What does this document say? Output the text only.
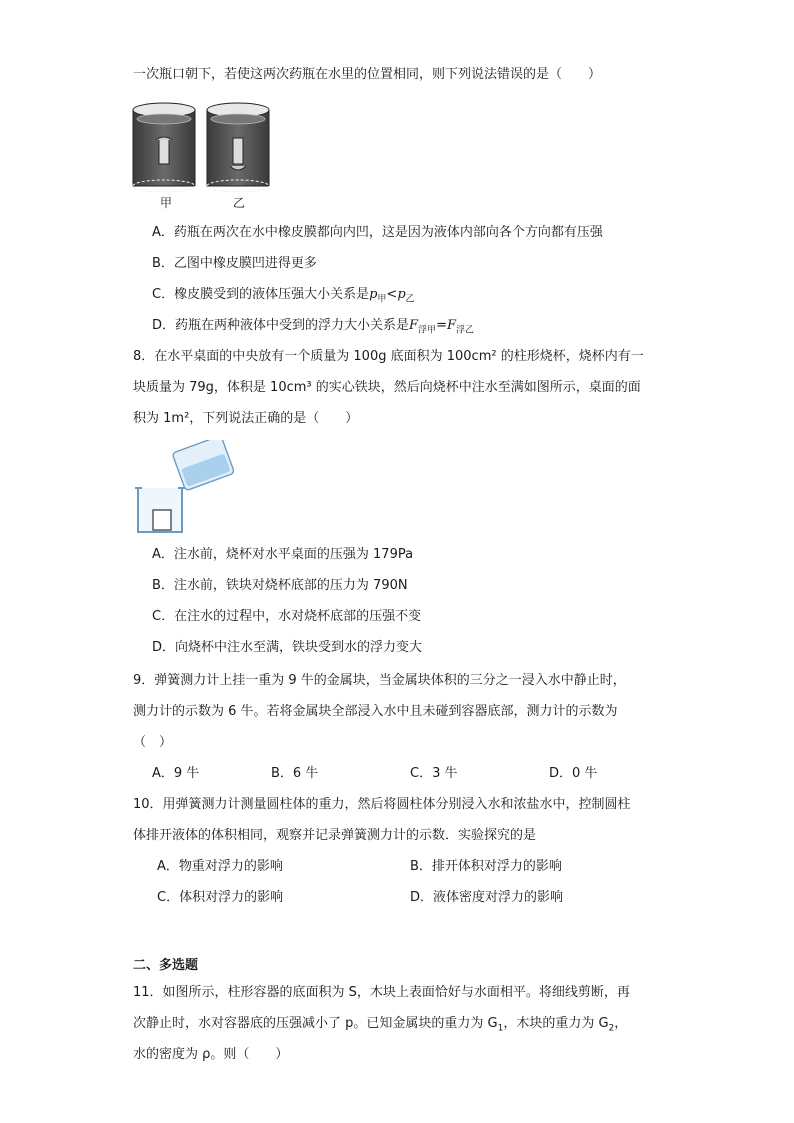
一次瓶口朝下，若使这两次药瓶在水里的位置相同，则下列说法错误的是（　　）
甲	乙
A．药瓶在两次在水中橡皮膜都向内凹，这是因为液体内部向各个方向都有压强
B．乙图中橡皮膜凹进得更多
C．橡皮膜受到的液体压强大小关系是$p_甲<p_乙$
D．药瓶在两种液体中受到的浮力大小关系是$F_{浮甲}=F_{浮乙}$
8．在水平桌面的中央放有一个质量为 100g 底面积为 100cm² 的柱形烧杯，烧杯内有一
块质量为 79g，体积是 10cm³ 的实心铁块，然后向烧杯中注水至满如图所示，桌面的面
积为 1m²，下列说法正确的是（　　）
A．注水前，烧杯对水平桌面的压强为 179Pa
B．注水前，铁块对烧杯底部的压力为 790N
C．在注水的过程中，水对烧杯底部的压强不变
D．向烧杯中注水至满，铁块受到水的浮力变大
9．弹簧测力计上挂一重为 9 牛的金属块，当金属块体积的三分之一浸入水中静止时，
测力计的示数为 6 牛。若将金属块全部浸入水中且未碰到容器底部，测力计的示数为
（　）
A．9 牛	B．6 牛	C．3 牛	D．0 牛
10．用弹簧测力计测量圆柱体的重力，然后将圆柱体分别浸入水和浓盐水中，控制圆柱
体排开液体的体积相同，观察并记录弹簧测力计的示数．实验探究的是
A．物重对浮力的影响	B．排开体积对浮力的影响
C．体积对浮力的影响	D．液体密度对浮力的影响
二、多选题
11．如图所示，柱形容器的底面积为 S，木块上表面恰好与水面相平。将细线剪断，再
次静止时，水对容器底的压强减小了 p。已知金属块的重力为 $G_1$，木块的重力为 $G_2$，
水的密度为 ρ。则（　　）
